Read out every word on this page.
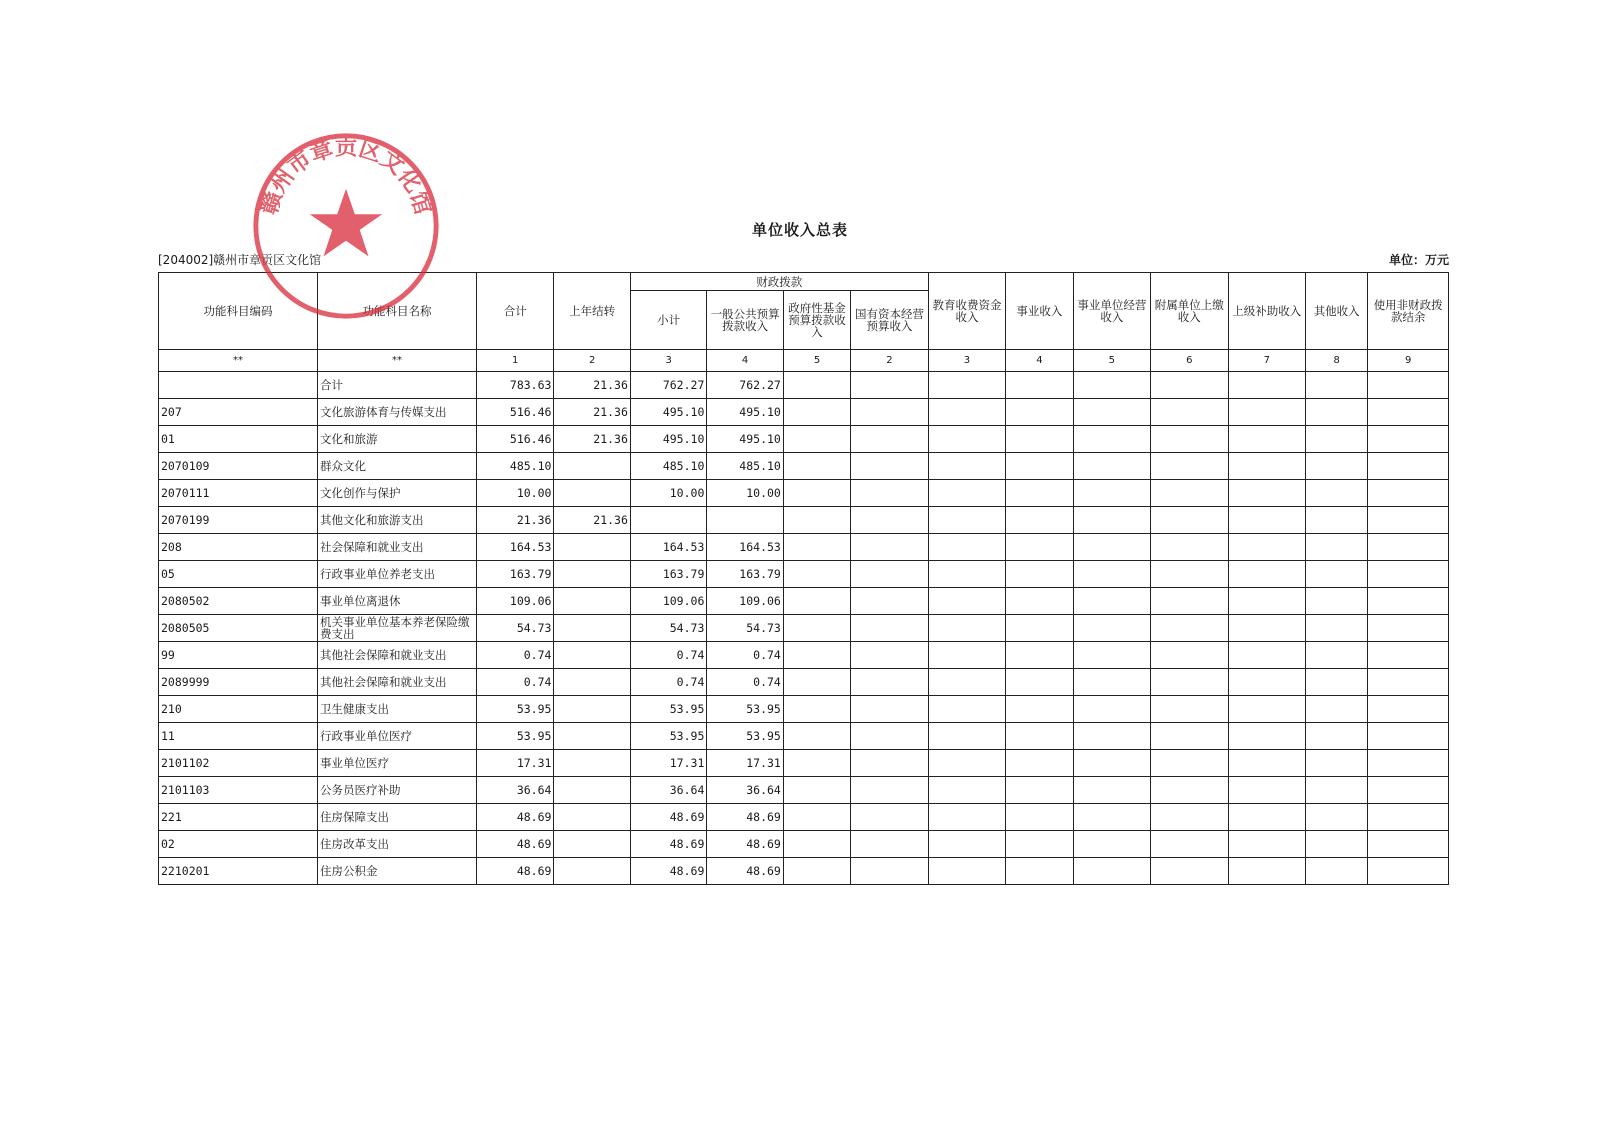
单位收入总表
[204002]赣州市章贡区文化馆	单位：万元
功能科目编码	功能科目名称	合计	上年结转	财政拨款				教育收费资金收入	事业收入	事业单位经营收入	附属单位上缴收入	上级补助收入	其他收入	使用非财政拨款结余
				小计	一般公共预算拨款收入	政府性基金预算拨款收入	国有资本经营预算收入							
**	**	1	2	3	4	5	2	3	4	5	6	7	8	9

	合计	783.63	21.36	762.27	762.27									
207	文化旅游体育与传媒支出	516.46	21.36	495.10	495.10									
01	文化和旅游	516.46	21.36	495.10	495.10									
2070109	群众文化	485.10		485.10	485.10									
2070111	文化创作与保护	10.00		10.00	10.00									
2070199	其他文化和旅游支出	21.36	21.36											
208	社会保障和就业支出	164.53		164.53	164.53									
05	行政事业单位养老支出	163.79		163.79	163.79									
2080502	事业单位离退休	109.06		109.06	109.06									
2080505	机关事业单位基本养老保险缴费支出	54.73		54.73	54.73									
99	其他社会保障和就业支出	0.74		0.74	0.74									
2089999	其他社会保障和就业支出	0.74		0.74	0.74									
210	卫生健康支出	53.95		53.95	53.95									
11	行政事业单位医疗	53.95		53.95	53.95									
2101102	事业单位医疗	17.31		17.31	17.31									
2101103	公务员医疗补助	36.64		36.64	36.64									
221	住房保障支出	48.69		48.69	48.69									
02	住房改革支出	48.69		48.69	48.69									
2210201	住房公积金	48.69		48.69	48.69									
赣州市章贡区文化馆
